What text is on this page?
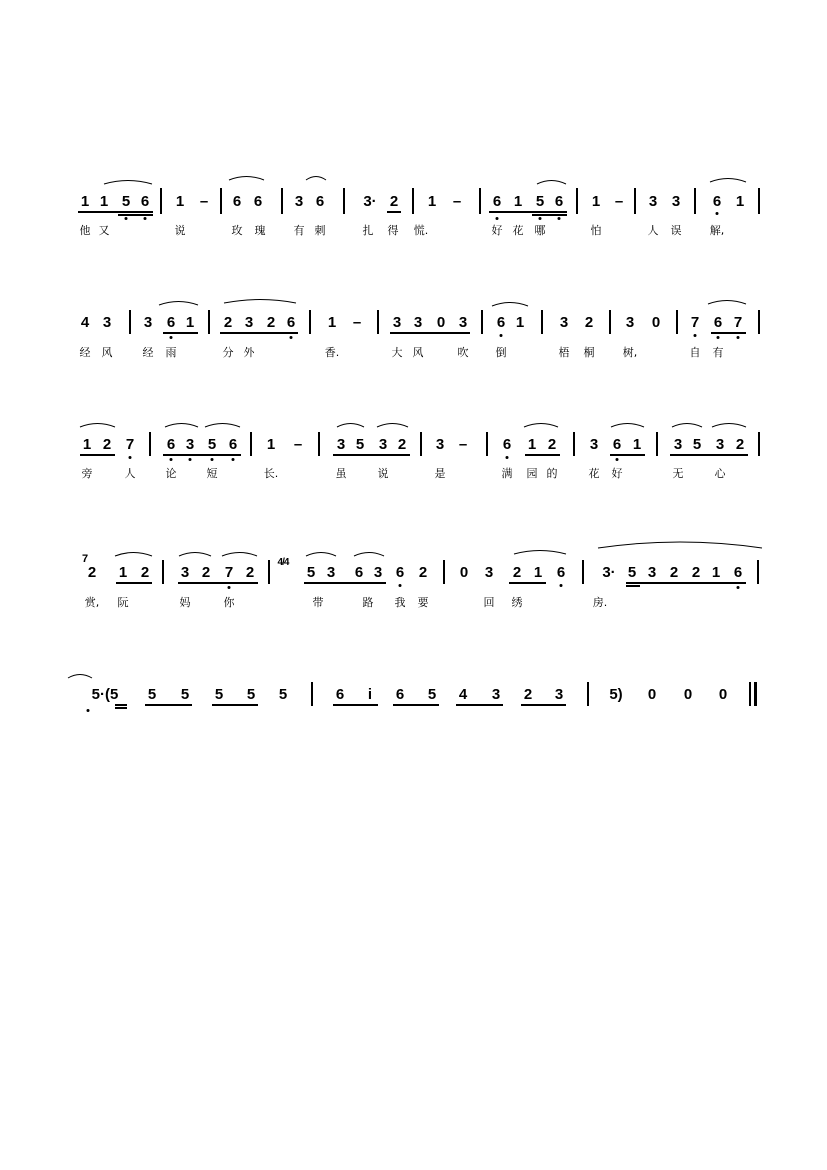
1 1 5 6 1 – 6 6 3 6	3· 2 1 – 6 1 5 6 1 – 3 3 6 1
他 又	说	玫 瑰	有 刺	扎 得 慌.	好 花 哪	怕	人 误	解,
4 3 3 6 1 2 3 2 6 1 – 3 3 0 3 6 1 3 2 3 0 7 6 7
经 风	经 雨	分 外	香.	大 风	吹 倒	梧 桐	树,	自 有
1 2 7 6 3 5 6 1 – 3 5 3 2 3 – 6 1 2 3 6 1 3 5 3 2
旁	人	论	短	长.	虽	说	是	满 园 的	花 好	无	心
7
2 1 2 3 2 7 2
4/4
5 3 6 3 6 2 0 3 2 1 6 3· 5 3 2 2 1 6
赏, 阮	妈	你	带	路 我 要	回 绣	房.
5·(5 5 5 5 5 5	6 i 6 5 4 3 2 3	5) 0 0 0
